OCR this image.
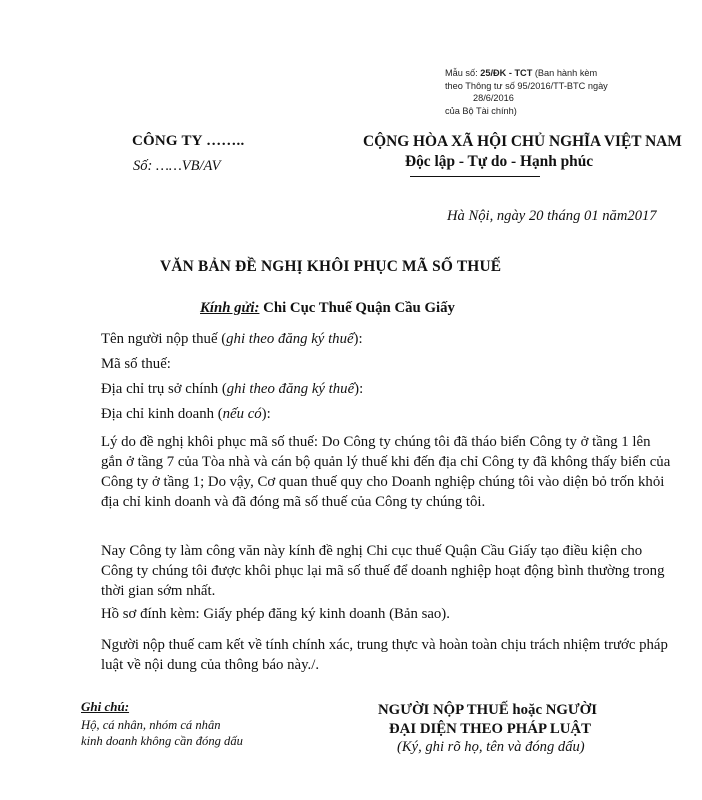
Mẫu số: 25/ĐK - TCT (Ban hành kèm
theo Thông tư số 95/2016/TT-BTC ngày
28/6/2016
của Bộ Tài chính)
CÔNG TY ……..
Số: ……VB/AV
CỘNG HÒA XÃ HỘI CHỦ NGHĨA VIỆT NAM
Độc lập - Tự do - Hạnh phúc
Hà Nội, ngày 20 tháng 01 năm2017
VĂN BẢN ĐỀ NGHỊ KHÔI PHỤC MÃ SỐ THUẾ
Kính gửi: Chi Cục Thuế Quận Cầu Giấy
Tên người nộp thuế (ghi theo đăng ký thuế):
Mã số thuế:
Địa chỉ trụ sở chính (ghi theo đăng ký thuế):
Địa chỉ kinh doanh (nếu có):
Lý do đề nghị khôi phục mã số thuế: Do Công ty chúng tôi đã tháo biển Công ty ở tầng 1 lên gắn ở tầng 7 của Tòa nhà và cán bộ quản lý thuế khi đến địa chỉ Công ty đã không thấy biển của Công ty ở tầng 1; Do vậy, Cơ quan thuế quy cho Doanh nghiệp chúng tôi vào diện bỏ trốn khỏi địa chỉ kinh doanh và đã đóng mã số thuế của Công ty chúng tôi.
Nay Công ty làm công văn này kính đề nghị Chi cục thuế Quận Cầu Giấy tạo điều kiện cho Công ty chúng tôi được khôi phục lại mã số thuế để doanh nghiệp hoạt động bình thường trong thời gian sớm nhất.
Hồ sơ đính kèm: Giấy phép đăng ký kinh doanh (Bản sao).
Người nộp thuế cam kết về tính chính xác, trung thực và hoàn toàn chịu trách nhiệm trước pháp luật về nội dung của thông báo này./.
Ghi chú:
Hộ, cá nhân, nhóm cá nhân
kinh doanh không cần đóng dấu
NGƯỜI NỘP THUẾ hoặc NGƯỜI
ĐẠI DIỆN THEO PHÁP LUẬT
(Ký, ghi rõ họ, tên và đóng dấu)
